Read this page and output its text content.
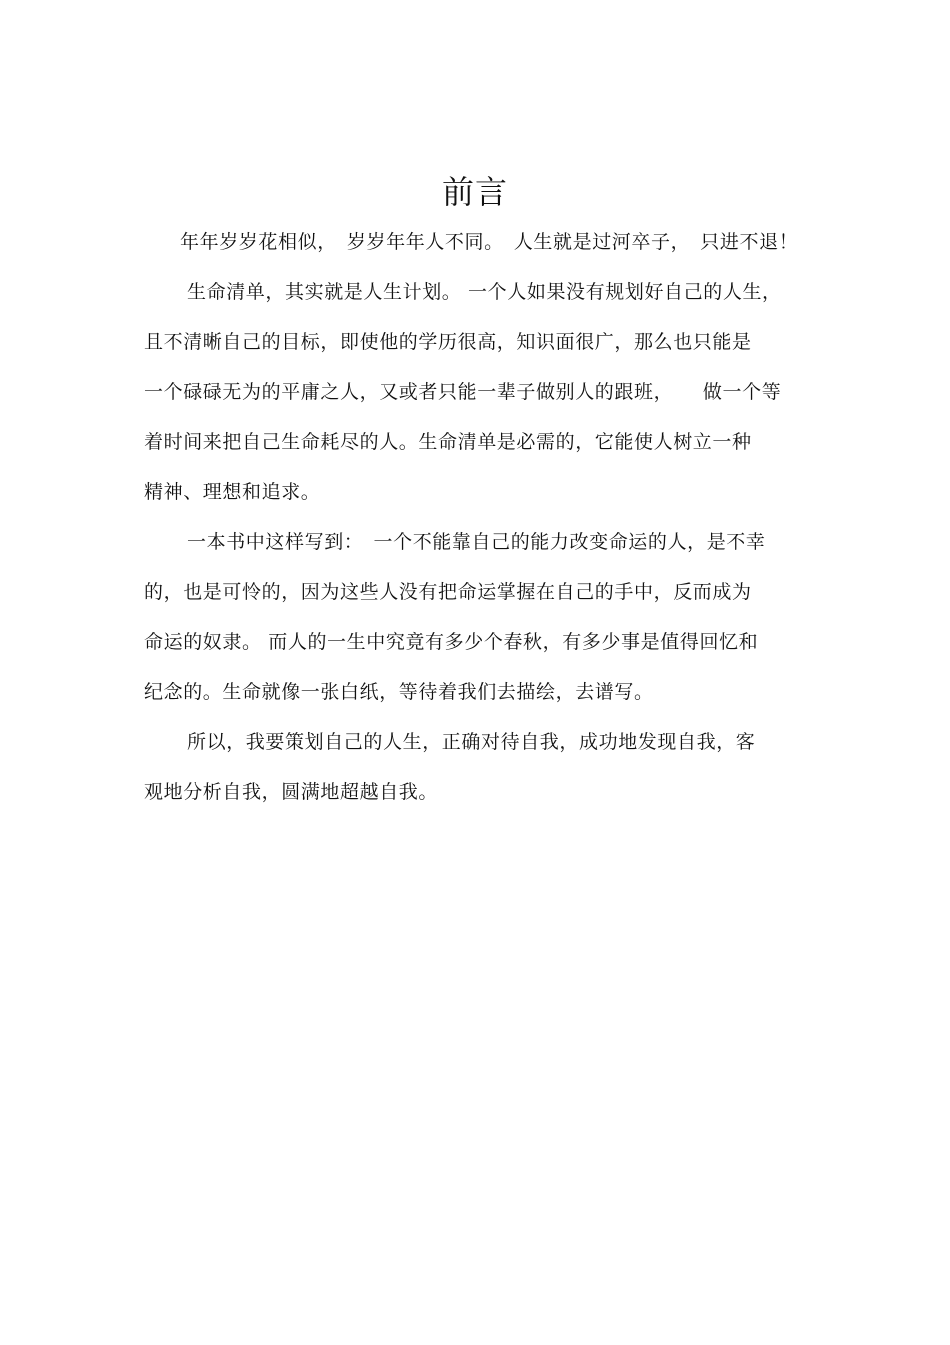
前言
年年岁岁花相似，　岁岁年年人不同。　人生就是过河卒子，　只进不退！
生命清单，其实就是人生计划。 一个人如果没有规划好自己的人生，
且不清晰自己的目标，即使他的学历很高，知识面很广，那么也只能是
一个碌碌无为的平庸之人，又或者只能一辈子做别人的跟班，　　做一个等
着时间来把自己生命耗尽的人。生命清单是必需的，它能使人树立一种
精神、理想和追求。
一本书中这样写到：　一个不能靠自己的能力改变命运的人，是不幸
的，也是可怜的，因为这些人没有把命运掌握在自己的手中，反而成为
命运的奴隶。 而人的一生中究竟有多少个春秋，有多少事是值得回忆和
纪念的。生命就像一张白纸，等待着我们去描绘，去谱写。
所以，我要策划自己的人生，正确对待自我，成功地发现自我，客
观地分析自我，圆满地超越自我。
